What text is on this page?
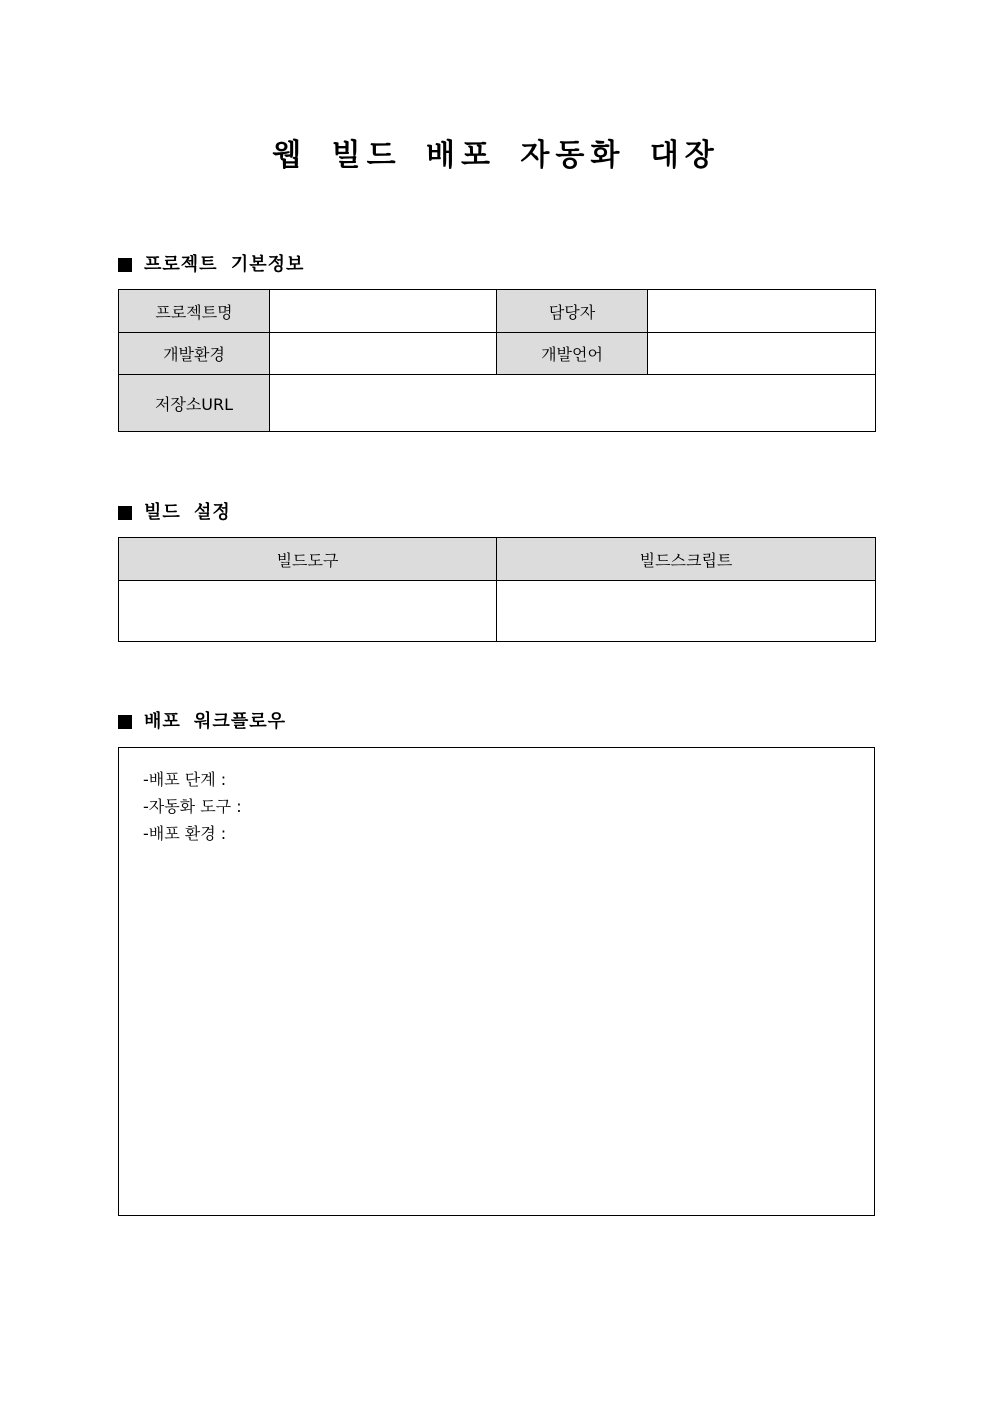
웹 빌드 배포 자동화 대장
프로젝트 기본정보
프로젝트명		담당자	
개발환경		개발언어	
저장소URL			
빌드 설정
빌드도구	빌드스크립트

배포 워크플로우
-배포 단계 :
-자동화 도구 :
-배포 환경 :
